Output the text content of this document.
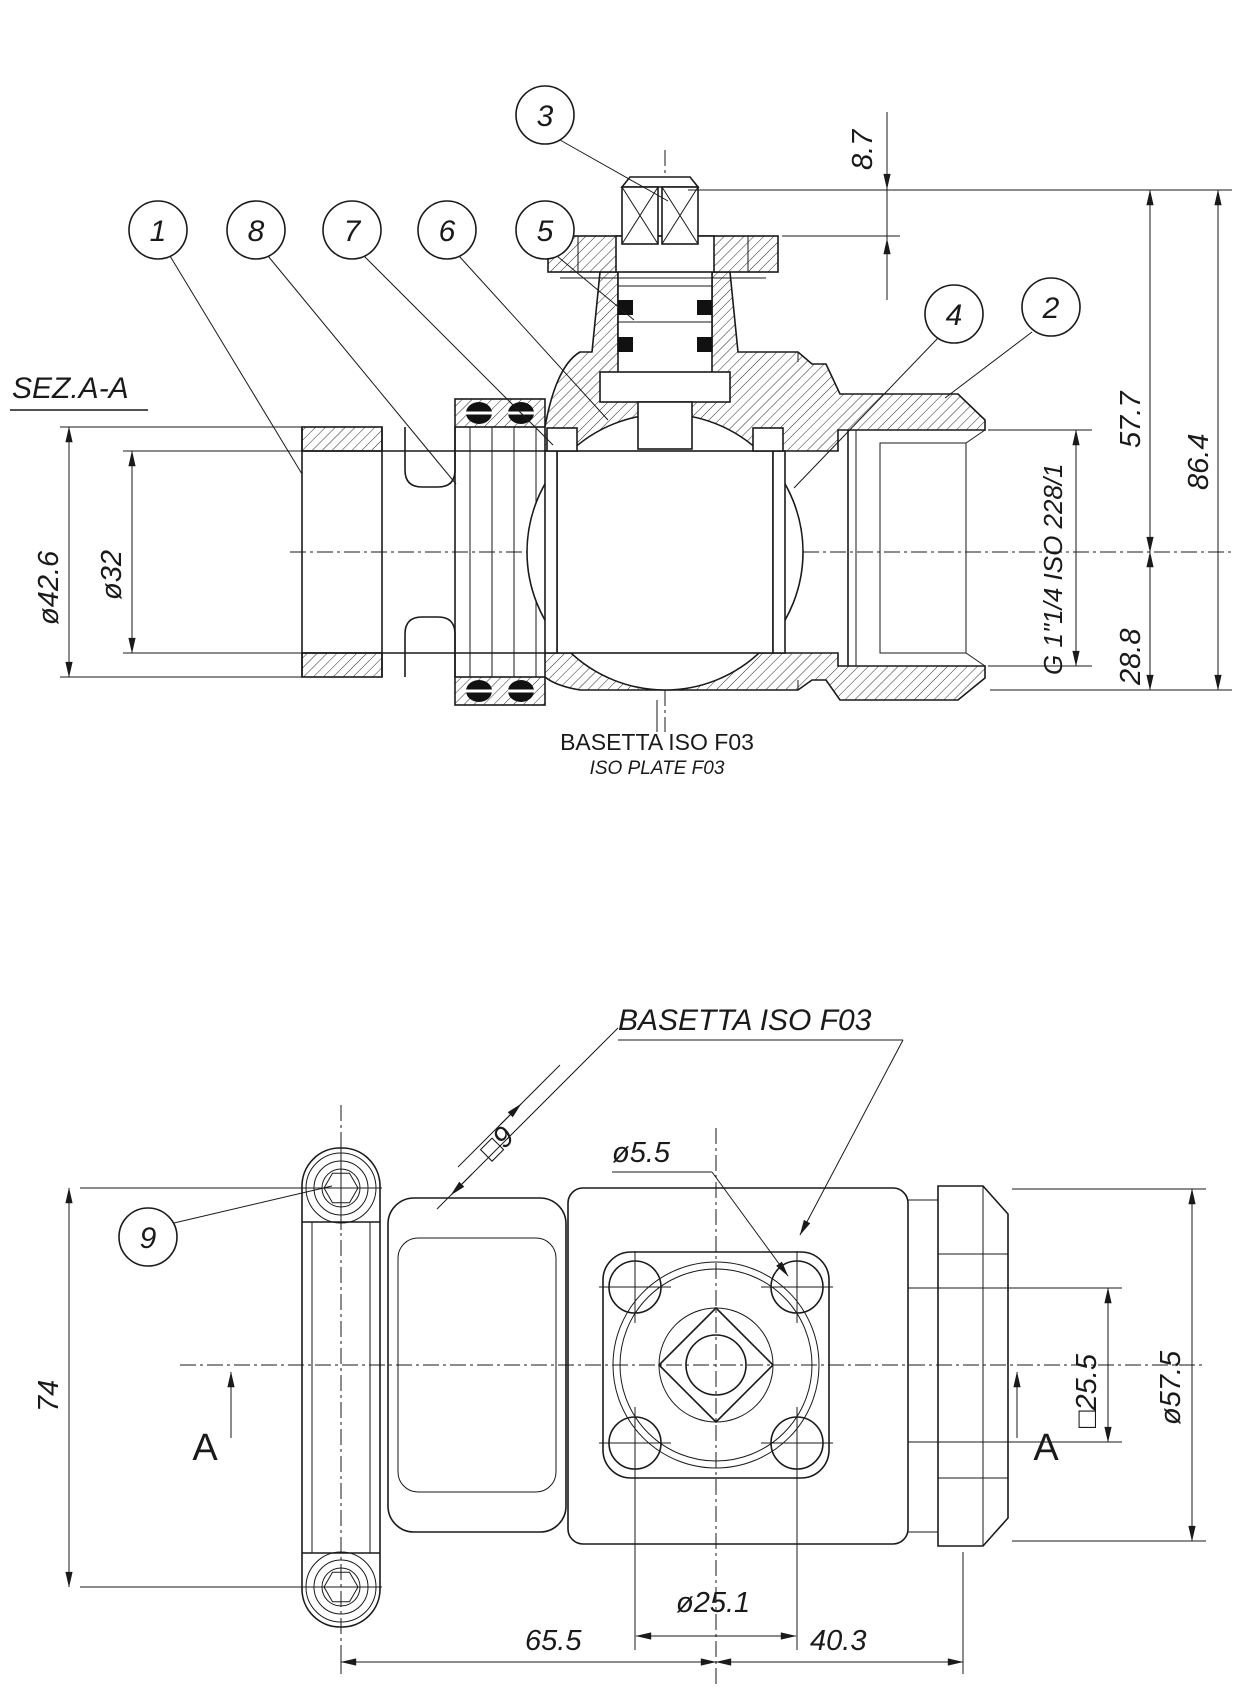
ø42.6 ø32
8.7
57.7
28.8
86.4
G 1"1/4 ISO 228/1
1	8	7	6	5
3
4	2
SEZ.A-A
BASETTA ISO F03
ISO PLATE F03
BASETTA ISO F03
ø5.5
□9
9
74
A	A
□25.5 ø57.5
ø25.1
65.5	40.3
